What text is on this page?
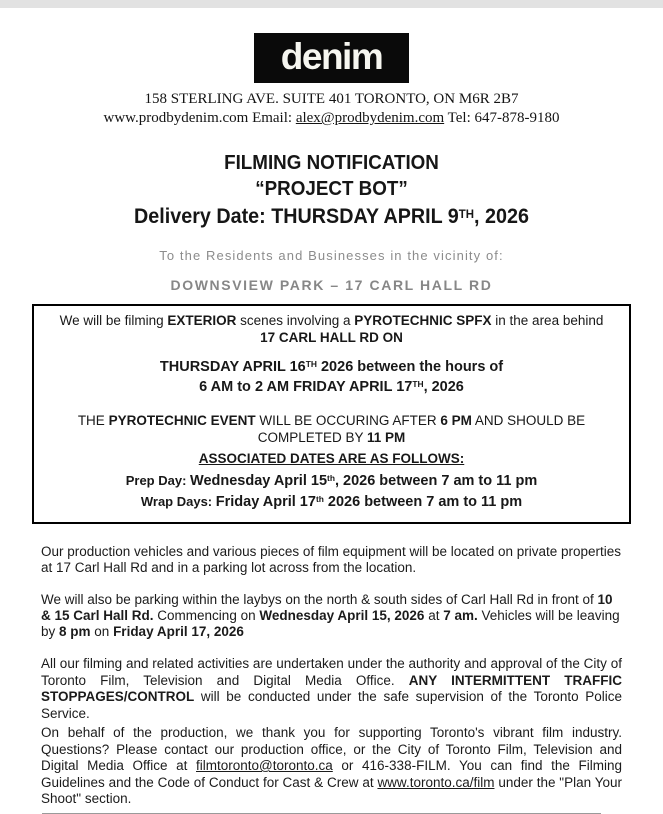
denim
158 STERLING AVE. SUITE 401 TORONTO, ON M6R 2B7
www.prodbydenim.com Email: alex@prodbydenim.com Tel: 647-878-9180
FILMING NOTIFICATION
“PROJECT BOT”
Delivery Date: THURSDAY APRIL 9TH, 2026
To the Residents and Businesses in the vicinity of:
DOWNSVIEW PARK – 17 CARL HALL RD
We will be filming EXTERIOR scenes involving a PYROTECHNIC SPFX in the area behind
17 CARL HALL RD ON
THURSDAY APRIL 16TH 2026 between the hours of
6 AM to 2 AM FRIDAY APRIL 17TH, 2026
THE PYROTECHNIC EVENT WILL BE OCCURING AFTER 6 PM AND SHOULD BE
COMPLETED BY 11 PM
ASSOCIATED DATES ARE AS FOLLOWS:
Prep Day: Wednesday April 15th, 2026 between 7 am to 11 pm
Wrap Days: Friday April 17th 2026 between 7 am to 11 pm
Our production vehicles and various pieces of film equipment will be located on private properties at 17 Carl Hall Rd and in a parking lot across from the location.
We will also be parking within the laybys on the north & south sides of Carl Hall Rd in front of 10 & 15 Carl Hall Rd. Commencing on Wednesday April 15, 2026 at 7 am. Vehicles will be leaving by 8 pm on Friday April 17, 2026
All our filming and related activities are undertaken under the authority and approval of the City of Toronto Film, Television and Digital Media Office. ANY INTERMITTENT TRAFFIC STOPPAGES/CONTROL will be conducted under the safe supervision of the Toronto Police Service.
On behalf of the production, we thank you for supporting Toronto's vibrant film industry. Questions? Please contact our production office, or the City of Toronto Film, Television and Digital Media Office at filmtoronto@toronto.ca or 416-338-FILM. You can find the Filming Guidelines and the Code of Conduct for Cast & Crew at www.toronto.ca/film under the "Plan Your Shoot" section.
